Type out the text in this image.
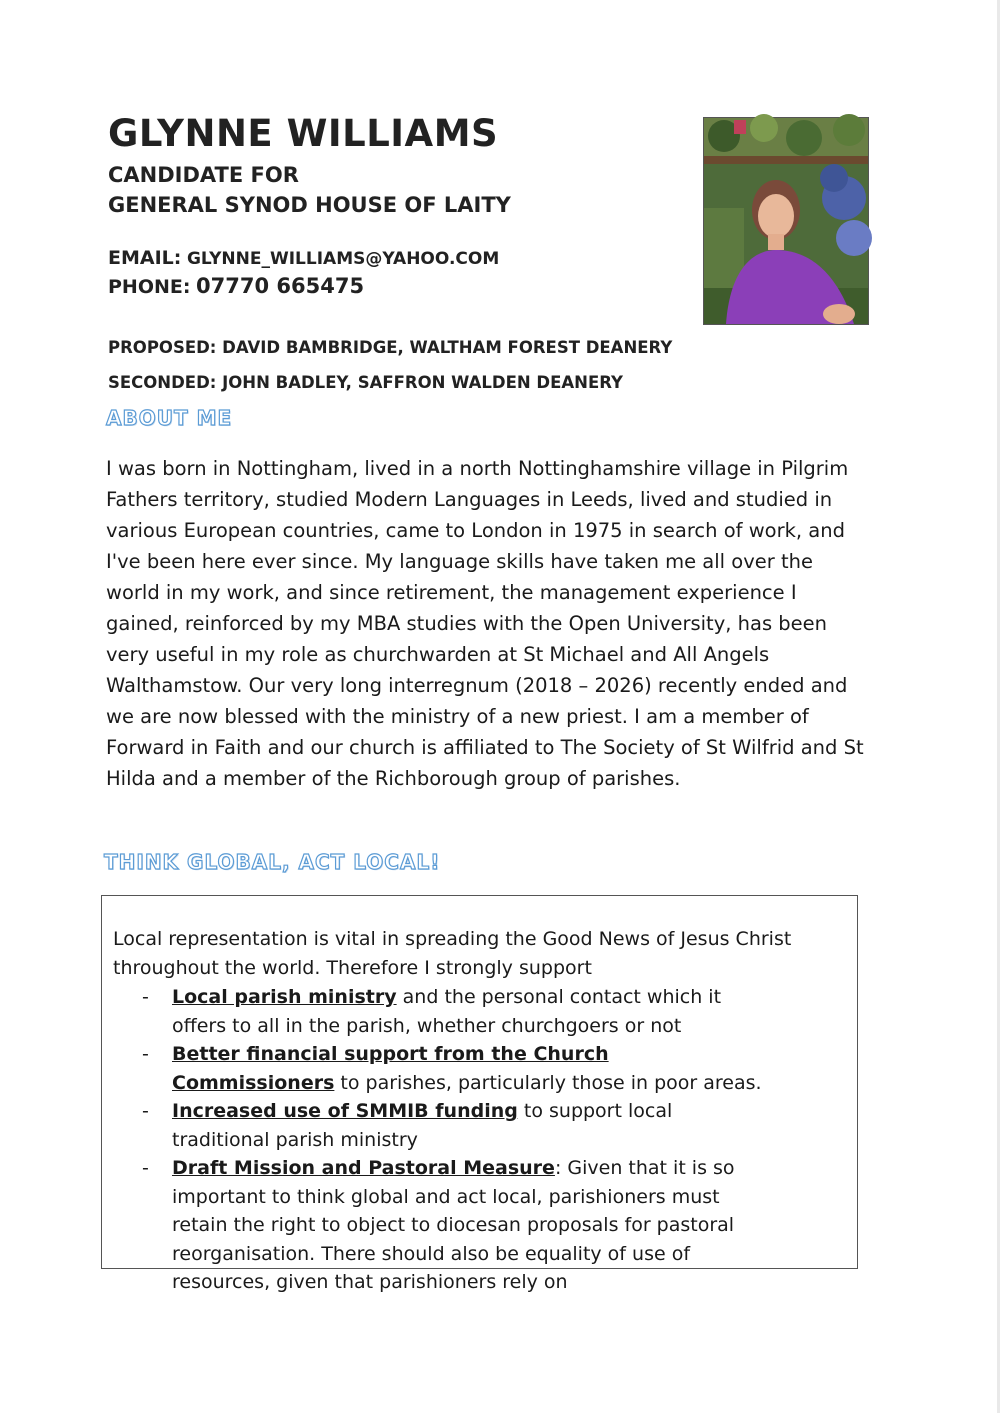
GLYNNE WILLIAMS
CANDIDATE FOR
GENERAL SYNOD HOUSE OF LAITY
EMAIL: GLYNNE_WILLIAMS@YAHOO.COM
PHONE: 07770 665475
PROPOSED: DAVID BAMBRIDGE, WALTHAM FOREST DEANERY
SECONDED: JOHN BADLEY, SAFFRON WALDEN DEANERY
ABOUT ME

I was born in Nottingham, lived in a north Nottinghamshire village in Pilgrim Fathers territory, studied Modern Languages in Leeds, lived and studied in various European countries, came to London in 1975 in search of work, and I've been here ever since. My language skills have taken me all over the world in my work, and since retirement, the management experience I gained, reinforced by my MBA studies with the Open University, has been very useful in my role as churchwarden at St Michael and All Angels Walthamstow. Our very long interregnum (2018 – 2026) recently ended and we are now blessed with the ministry of a new priest. I am a member of Forward in Faith and our church is affiliated to The Society of St Wilfrid and St Hilda and a member of the Richborough group of parishes.

THINK GLOBAL, ACT LOCAL!

Local representation is vital in spreading the Good News of Jesus Christ throughout the world. Therefore I strongly support

- Local parish ministry and the personal contact which it offers to all in the parish, whether churchgoers or not
- Better financial support from the Church Commissioners to parishes, particularly those in poor areas.
- Increased use of SMMIB funding to support local traditional parish ministry
- Draft Mission and Pastoral Measure: Given that it is so important to think global and act local, parishioners must retain the right to object to diocesan proposals for pastoral reorganisation. There should also be equality of use of resources, given that parishioners rely on
